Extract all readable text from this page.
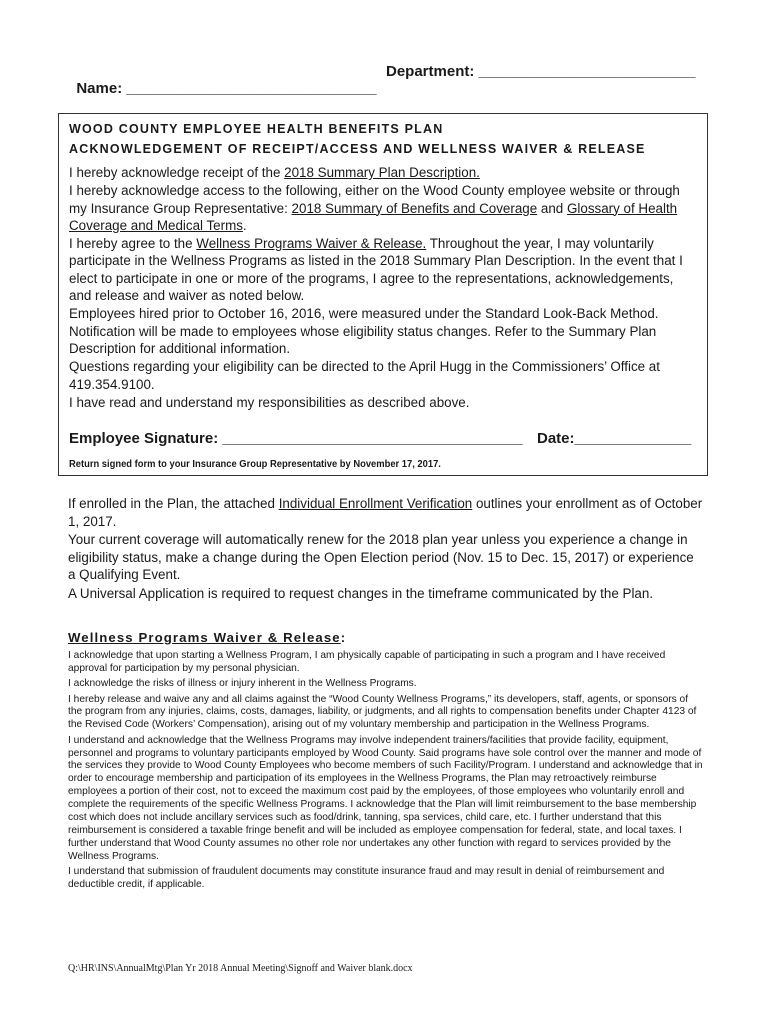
Name: ______________________________

Department: __________________________

WOOD COUNTY EMPLOYEE HEALTH BENEFITS PLAN
ACKNOWLEDGEMENT OF RECEIPT/ACCESS AND WELLNESS WAIVER & RELEASE

I hereby acknowledge receipt of the 2018 Summary Plan Description.

I hereby acknowledge access to the following, either on the Wood County employee website or through my Insurance Group Representative: 2018 Summary of Benefits and Coverage and Glossary of Health Coverage and Medical Terms.

I hereby agree to the Wellness Programs Waiver & Release. Throughout the year, I may voluntarily participate in the Wellness Programs as listed in the 2018 Summary Plan Description. In the event that I elect to participate in one or more of the programs, I agree to the representations, acknowledgements, and release and waiver as noted below.

Employees hired prior to October 16, 2016, were measured under the Standard Look-Back Method. Notification will be made to employees whose eligibility status changes. Refer to the Summary Plan Description for additional information.

Questions regarding your eligibility can be directed to the April Hugg in the Commissioners’ Office at 419.354.9100.

I have read and understand my responsibilities as described above.

Employee Signature: ____________________________________ Date:______________
Return signed form to your Insurance Group Representative by November 17, 2017.

If enrolled in the Plan, the attached Individual Enrollment Verification outlines your enrollment as of October 1, 2017.

Your current coverage will automatically renew for the 2018 plan year unless you experience a change in eligibility status, make a change during the Open Election period (Nov. 15 to Dec. 15, 2017) or experience a Qualifying Event.

A Universal Application is required to request changes in the timeframe communicated by the Plan.

Wellness Programs Waiver & Release:

I acknowledge that upon starting a Wellness Program, I am physically capable of participating in such a program and I have received approval for participation by my personal physician.

I acknowledge the risks of illness or injury inherent in the Wellness Programs.

I hereby release and waive any and all claims against the “Wood County Wellness Programs,” its developers, staff, agents, or sponsors of the program from any injuries, claims, costs, damages, liability, or judgments, and all rights to compensation benefits under Chapter 4123 of the Revised Code (Workers’ Compensation), arising out of my voluntary membership and participation in the Wellness Programs.

I understand and acknowledge that the Wellness Programs may involve independent trainers/facilities that provide facility, equipment, personnel and programs to voluntary participants employed by Wood County. Said programs have sole control over the manner and mode of the services they provide to Wood County Employees who become members of such Facility/Program. I understand and acknowledge that in order to encourage membership and participation of its employees in the Wellness Programs, the Plan may retroactively reimburse employees a portion of their cost, not to exceed the maximum cost paid by the employees, of those employees who voluntarily enroll and complete the requirements of the specific Wellness Programs. I acknowledge that the Plan will limit reimbursement to the base membership cost which does not include ancillary services such as food/drink, tanning, spa services, child care, etc. I further understand that this reimbursement is considered a taxable fringe benefit and will be included as employee compensation for federal, state, and local taxes. I further understand that Wood County assumes no other role nor undertakes any other function with regard to services provided by the Wellness Programs.

I understand that submission of fraudulent documents may constitute insurance fraud and may result in denial of reimbursement and deductible credit, if applicable.

Q:\HR\INS\AnnualMtg\Plan Yr 2018 Annual Meeting\Signoff and Waiver blank.docx
